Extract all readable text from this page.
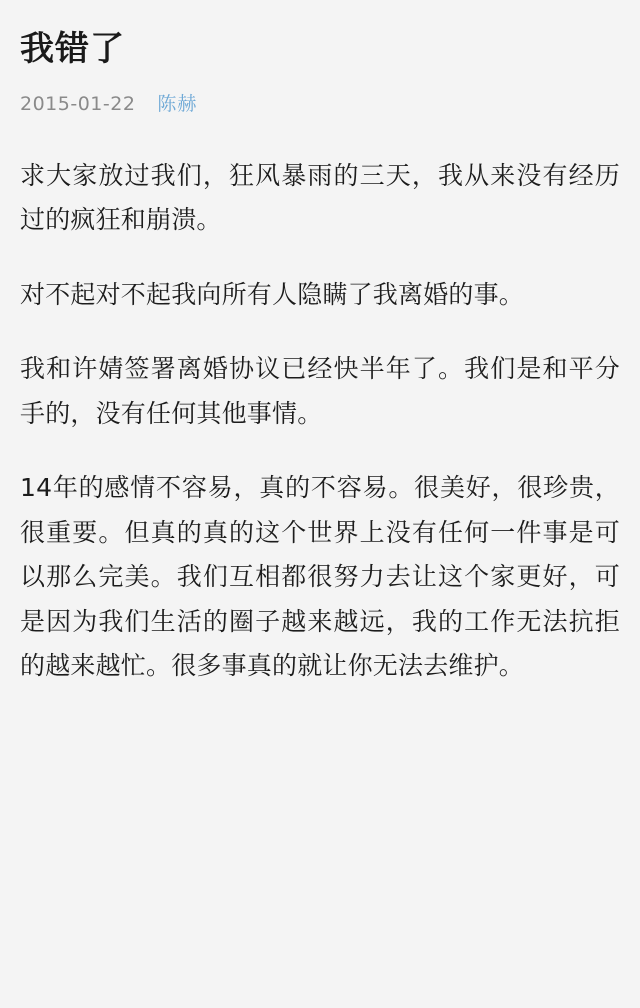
我错了
2015-01-22 陈赫

求大家放过我们，狂风暴雨的三天，我从来没有经历过的疯狂和崩溃。

对不起对不起我向所有人隐瞒了我离婚的事。

我和许婧签署离婚协议已经快半年了。我们是和平分手的，没有任何其他事情。

14年的感情不容易，真的不容易。很美好，很珍贵，很重要。但真的真的这个世界上没有任何一件事是可以那么完美。我们互相都很努力去让这个家更好，可是因为我们生活的圈子越来越远，我的工作无法抗拒的越来越忙。很多事真的就让你无法去维护。
